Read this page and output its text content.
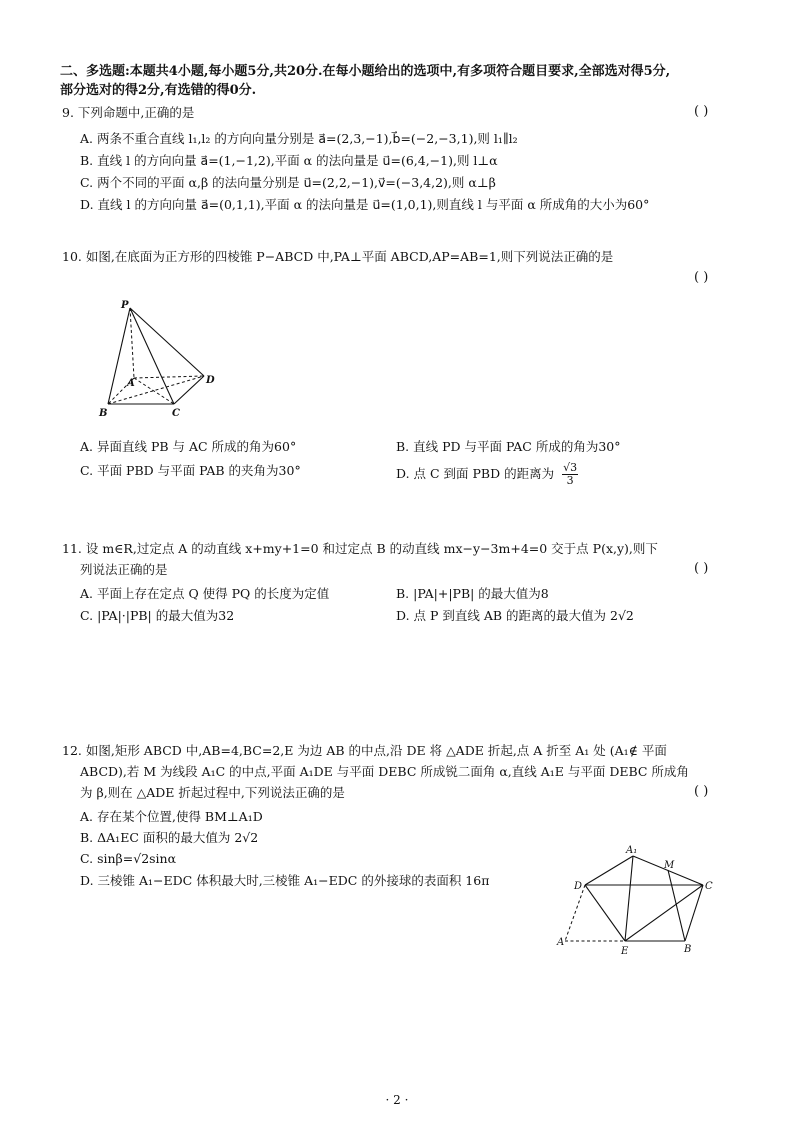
二、多选题:本题共4小题,每小题5分,共20分.在每小题给出的选项中,有多项符合题目要求,全部选对得5分,
部分选对的得2分,有选错的得0分.
9. 下列命题中,正确的是	( )
A. 两条不重合直线 l₁,l₂ 的方向向量分别是 a⃗=(2,3,−1),b⃗=(−2,−3,1),则 l₁∥l₂
B. 直线 l 的方向向量 a⃗=(1,−1,2),平面 α 的法向量是 u⃗=(6,4,−1),则 l⊥α
C. 两个不同的平面 α,β 的法向量分别是 u⃗=(2,2,−1),v⃗=(−3,4,2),则 α⊥β
D. 直线 l 的方向向量 a⃗=(0,1,1),平面 α 的法向量是 u⃗=(1,0,1),则直线 l 与平面 α 所成角的大小为60°
10. 如图,在底面为正方形的四棱锥 P−ABCD 中,PA⊥平面 ABCD,AP=AB=1,则下列说法正确的是
( )
P
A
B	C
D
A. 异面直线 PB 与 AC 所成的角为60°	B. 直线 PD 与平面 PAC 所成的角为30°
C. 平面 PBD 与平面 PAB 的夹角为30°	D. 点 C 到面 PBD 的距离为 $\frac{√3}{3}$
11. 设 m∈R,过定点 A 的动直线 x+my+1=0 和过定点 B 的动直线 mx−y−3m+4=0 交于点 P(x,y),则下
列说法正确的是	( )
A. 平面上存在定点 Q 使得 PQ 的长度为定值	B. |PA|+|PB| 的最大值为8
C. |PA|·|PB| 的最大值为32	D. 点 P 到直线 AB 的距离的最大值为 2√2
12. 如图,矩形 ABCD 中,AB=4,BC=2,E 为边 AB 的中点,沿 DE 将 △ADE 折起,点 A 折至 A₁ 处 (A₁∉ 平面
ABCD),若 M 为线段 A₁C 的中点,平面 A₁DE 与平面 DEBC 所成锐二面角 α,直线 A₁E 与平面 DEBC 所成角
为 β,则在 △ADE 折起过程中,下列说法正确的是	( )
A. 存在某个位置,使得 BM⊥A₁D
B. ΔA₁EC 面积的最大值为 2√2
C. sinβ=√2sinα
D. 三棱锥 A₁−EDC 体积最大时,三棱锥 A₁−EDC 的外接球的表面积 16π
A₁
M
D	C
A
E	B
· 2 ·
